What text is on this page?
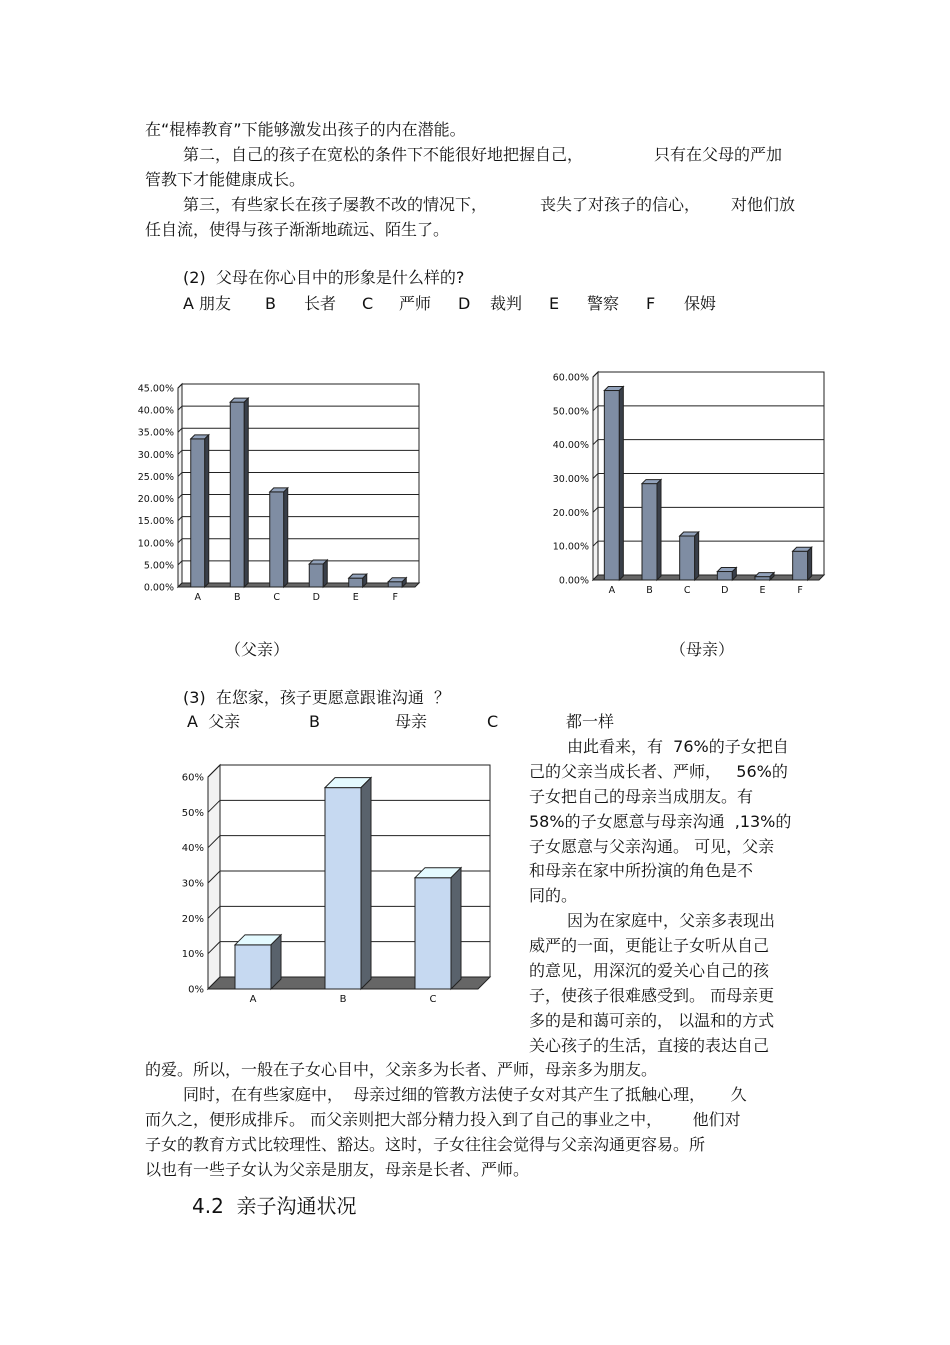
在“棍棒教育”下能够激发出孩子的内在潜能。
第二，自己的孩子在宽松的条件下不能很好地把握自己，	只有在父母的严加
管教下才能健康成长。
第三，有些家长在孩子屡教不改的情况下，	丧失了对孩子的信心， 对他们放
任自流，使得与孩子渐渐地疏远、陌生了。
(2)  父母在你心目中的形象是什么样的?
A 朋友 B 长者 C 严师 D 裁判 E 警察 F 保姆
0.00%
5.00%
10.00%
15.00%
20.00%
25.00%
30.00%
35.00%
40.00%
45.00%
A	B	C	D	E	F
0.00%
10.00%
20.00%
30.00%
40.00%
50.00%
60.00%
A	B	C	D	E	F
（父亲）	（母亲）
(3)  在您家，孩子更愿意跟谁沟通  ？
A  父亲	B	母亲	C	都一样
0%
10%
20%
30%
40%
50%
60%
A	B	C
由此看来，有  76%的子女把自
己的父亲当成长者、严师，   56%的
子女把自己的母亲当成朋友。有
58%的子女愿意与母亲沟通  ,13%的
子女愿意与父亲沟通。 可见，父亲
和母亲在家中所扮演的角色是不
同的。
因为在家庭中，父亲多表现出
威严的一面，更能让子女听从自己
的意见，用深沉的爱关心自己的孩
子，使孩子很难感受到。 而母亲更
多的是和蔼可亲的， 以温和的方式
关心孩子的生活，直接的表达自己
的爱。所以，一般在子女心目中，父亲多为长者、严师，母亲多为朋友。
同时，在有些家庭中，  母亲过细的管教方法使子女对其产生了抵触心理，     久
而久之，便形成排斥。 而父亲则把大部分精力投入到了自己的事业之中，      他们对
子女的教育方式比较理性、豁达。这时，子女往往会觉得与父亲沟通更容易。所
以也有一些子女认为父亲是朋友，母亲是长者、严师。
4.2  亲子沟通状况
